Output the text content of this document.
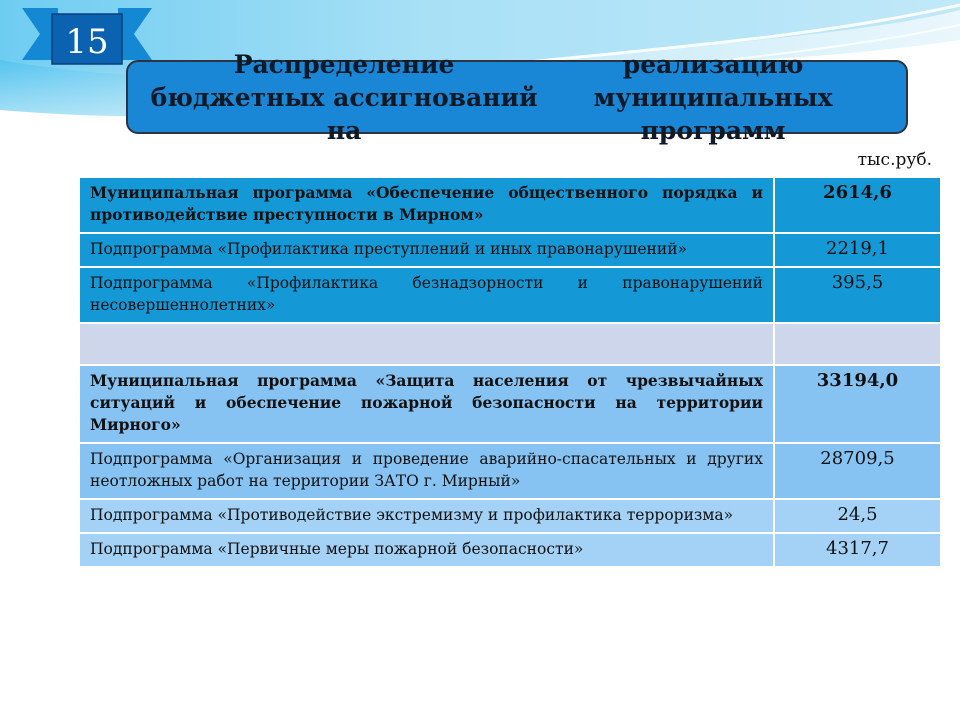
15
Распределение бюджетных ассигнований на
реализацию муниципальных программ
тыс.руб.
Муниципальная программа «Обеспечение общественного порядка и противодействие преступности в Мирном»	2614,6
Подпрограмма «Профилактика преступлений и иных правонарушений»	2219,1
Подпрограмма «Профилактика безнадзорности и правонарушений несовершеннолетних»	395,5

Муниципальная программа «Защита населения от чрезвычайных ситуаций и обеспечение пожарной безопасности на территории Мирного»	33194,0
Подпрограмма «Организация и проведение аварийно-спасательных и других неотложных работ на территории ЗАТО г. Мирный»	28709,5
Подпрограмма «Противодействие экстремизму и профилактика терроризма»	24,5
Подпрограмма «Первичные меры пожарной безопасности»	4317,7
